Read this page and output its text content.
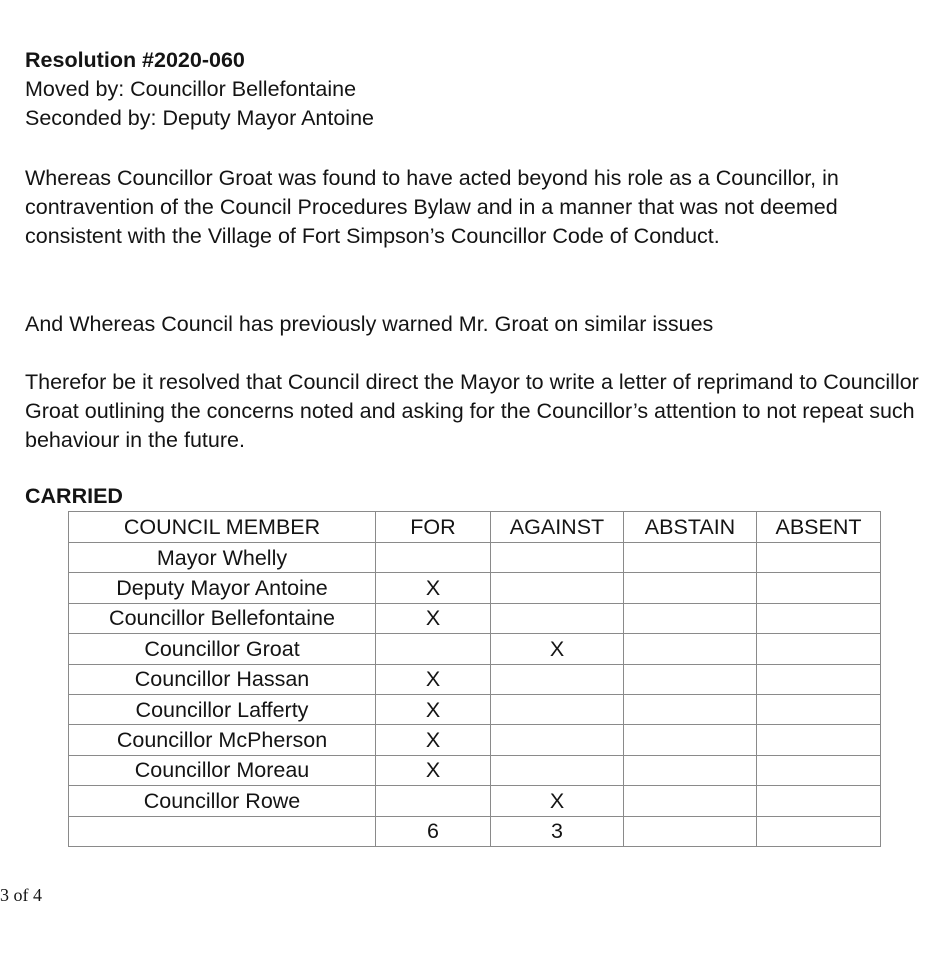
Resolution #2020-060
Moved by: Councillor Bellefontaine
Seconded by: Deputy Mayor Antoine
Whereas Councillor Groat was found to have acted beyond his role as a Councillor, in contravention of the Council Procedures Bylaw and in a manner that was not deemed consistent with the Village of Fort Simpson’s Councillor Code of Conduct.
And Whereas Council has previously warned Mr. Groat on similar issues
Therefor be it resolved that Council direct the Mayor to write a letter of reprimand to Councillor Groat outlining the concerns noted and asking for the Councillor’s attention to not repeat such behaviour in the future.
CARRIED
COUNCIL MEMBER	FOR	AGAINST	ABSTAIN	ABSENT
Mayor Whelly				
Deputy Mayor Antoine	X			
Councillor Bellefontaine	X			
Councillor Groat		X		
Councillor Hassan	X			
Councillor Lafferty	X			
Councillor McPherson	X			
Councillor Moreau	X			
Councillor Rowe		X		
	6	3		
3 of 4
